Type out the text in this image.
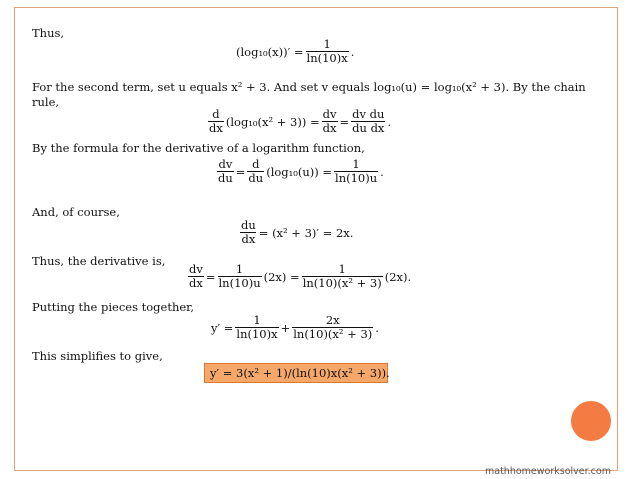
Thus,
$(\log_{10}(x))' = \frac{1}{\ln(10)x}$ .
For the second term, set u equals x² + 3. And set v equals log₁₀(u) = log₁₀(x² + 3). By the chain
rule,
$\frac{d}{dx} (\log_{10}(x^2 + 3)) = \frac{dv}{dx} = \frac{\text{dv du}}{\text{du dx}}$ .
By the formula for the derivative of a logarithm function,
$\frac{dv}{du} = \frac{d}{du} (\log_{10}(u)) = \frac{1}{\ln(10)u}$ .
And, of course,
$\frac{du}{dx} = (x^2 + 3)' = 2x$.
Thus, the derivative is,
$\frac{dv}{dx} = \frac{1}{\ln(10)u} (2x) = \frac{1}{\text{ln(10)(x² + 3)}} (2x)$.
Putting the pieces together,
$y' = \frac{1}{\ln(10)x} + \frac{2x}{\text{ln(10)(x² + 3)}}$ .
This simplifies to give,
y′ = 3(x² + 1)/(ln(10)x(x² + 3)).
mathhomeworksolver.com
